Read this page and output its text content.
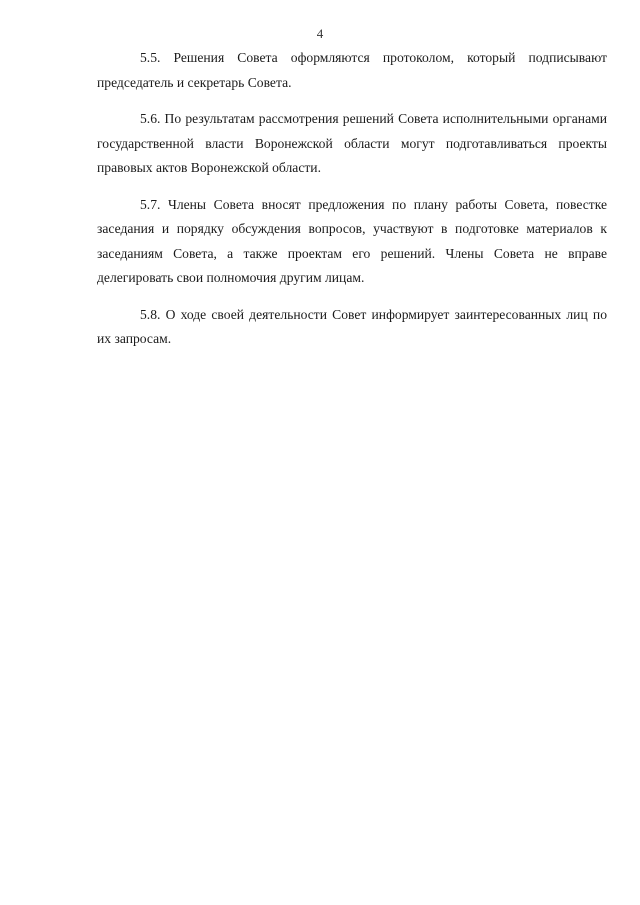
4

5.5. Решения Совета оформляются протоколом, который подписывают председатель и секретарь Совета.

5.6. По результатам рассмотрения решений Совета исполнительными органами государственной власти Воронежской области могут подготавливаться проекты правовых актов Воронежской области.

5.7. Члены Совета вносят предложения по плану работы Совета, повестке заседания и порядку обсуждения вопросов, участвуют в подготовке материалов к заседаниям Совета, а также проектам его решений. Члены Совета не вправе делегировать свои полномочия другим лицам.

5.8. О ходе своей деятельности Совет информирует заинтересованных лиц по их запросам.
